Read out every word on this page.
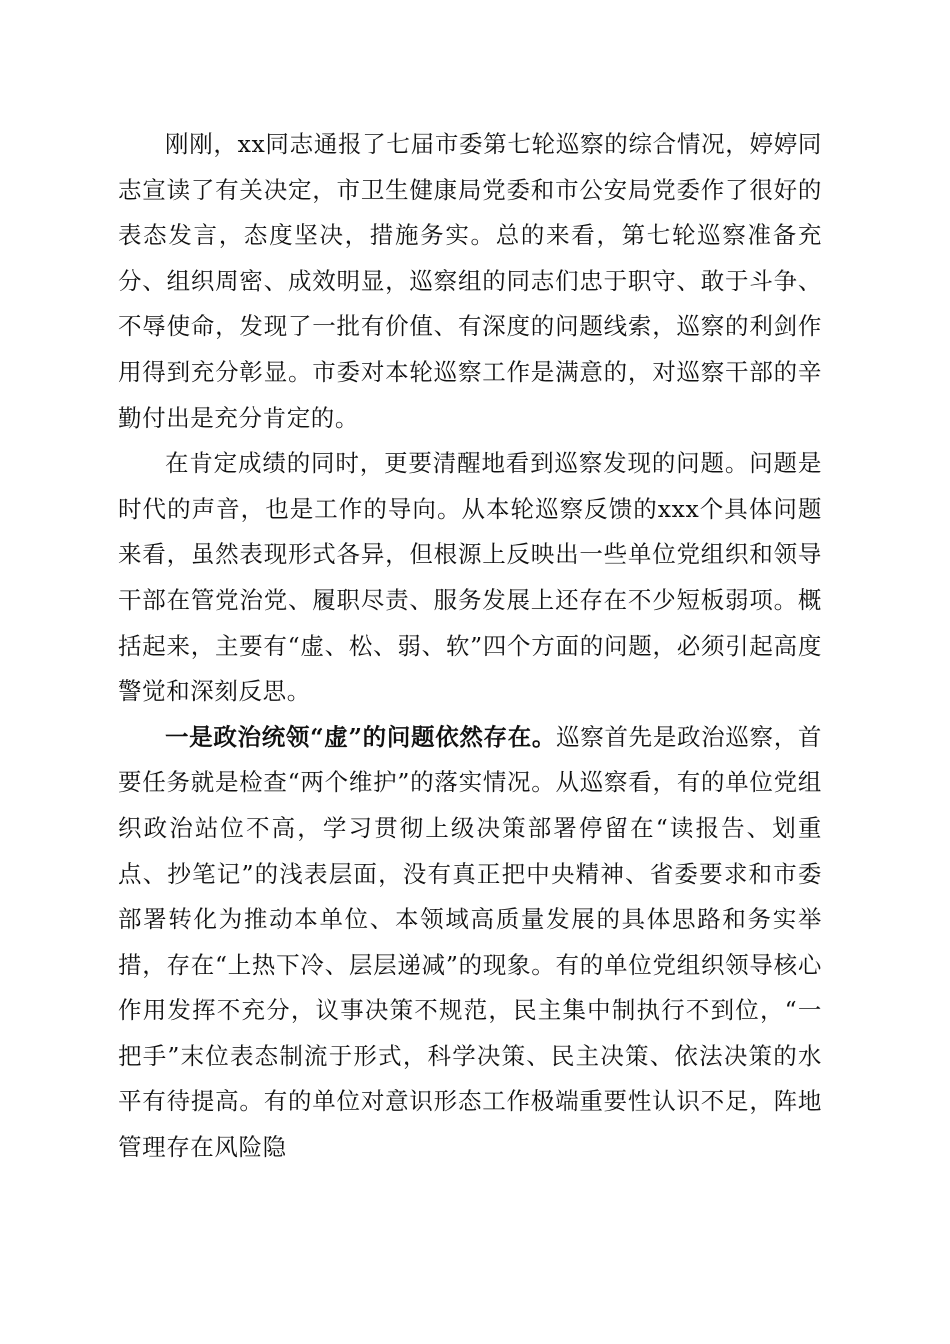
刚刚，xx同志通报了七届市委第七轮巡察的综合情况，婷婷同志宣读了有关决定，市卫生健康局党委和市公安局党委作了很好的表态发言，态度坚决，措施务实。总的来看，第七轮巡察准备充分、组织周密、成效明显，巡察组的同志们忠于职守、敢于斗争、不辱使命，发现了一批有价值、有深度的问题线索，巡察的利剑作用得到充分彰显。市委对本轮巡察工作是满意的，对巡察干部的辛勤付出是充分肯定的。

在肯定成绩的同时，更要清醒地看到巡察发现的问题。问题是时代的声音，也是工作的导向。从本轮巡察反馈的xxx个具体问题来看，虽然表现形式各异，但根源上反映出一些单位党组织和领导干部在管党治党、履职尽责、服务发展上还存在不少短板弱项。概括起来，主要有“虚、松、弱、软”四个方面的问题，必须引起高度警觉和深刻反思。

一是政治统领“虚”的问题依然存在。巡察首先是政治巡察，首要任务就是检查“两个维护”的落实情况。从巡察看，有的单位党组织政治站位不高，学习贯彻上级决策部署停留在“读报告、划重点、抄笔记”的浅表层面，没有真正把中央精神、省委要求和市委部署转化为推动本单位、本领域高质量发展的具体思路和务实举措，存在“上热下冷、层层递减”的现象。有的单位党组织领导核心作用发挥不充分，议事决策不规范，民主集中制执行不到位，“一把手”末位表态制流于形式，科学决策、民主决策、依法决策的水平有待提高。有的单位对意识形态工作极端重要性认识不足，阵地管理存在风险隐
